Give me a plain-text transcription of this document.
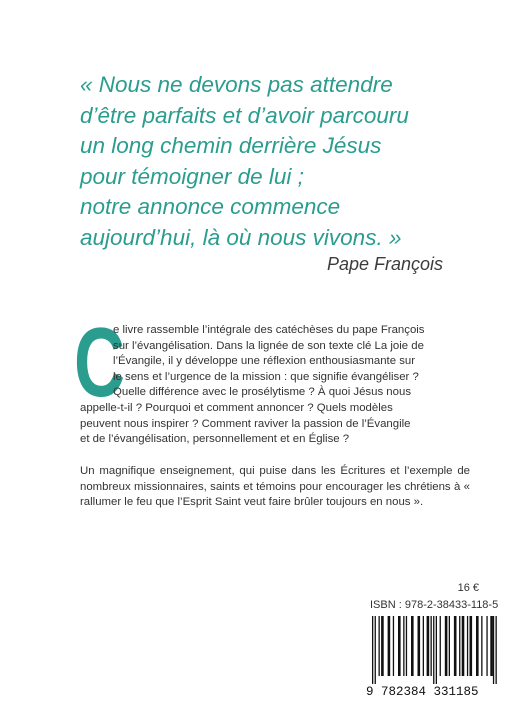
« Nous ne devons pas attendre
d’être parfaits et d’avoir parcouru
un long chemin derrière Jésus
pour témoigner de lui ;
notre annonce commence
aujourd’hui, là où nous vivons. »
Pape François
C
e livre rassemble l’intégrale des catéchèses du pape François
sur l’évangélisation. Dans la lignée de son texte clé La joie de
l’Évangile, il y développe une réflexion enthousiasmante sur
le sens et l’urgence de la mission : que signifie évangéliser ?
Quelle différence avec le prosélytisme ? À quoi Jésus nous
appelle-t-il ? Pourquoi et comment annoncer ? Quels modèles
peuvent nous inspirer ? Comment raviver la passion de l’Évangile
et de l’évangélisation, personnellement et en Église ?
Un magnifique enseignement, qui puise dans les Écritures et l’exemple de nombreux missionnaires, saints et témoins pour encourager les chrétiens à « rallumer le feu que l’Esprit Saint veut faire brûler toujours en nous ».
16 €
ISBN : 978-2-38433-118-5
9 782384 331185
